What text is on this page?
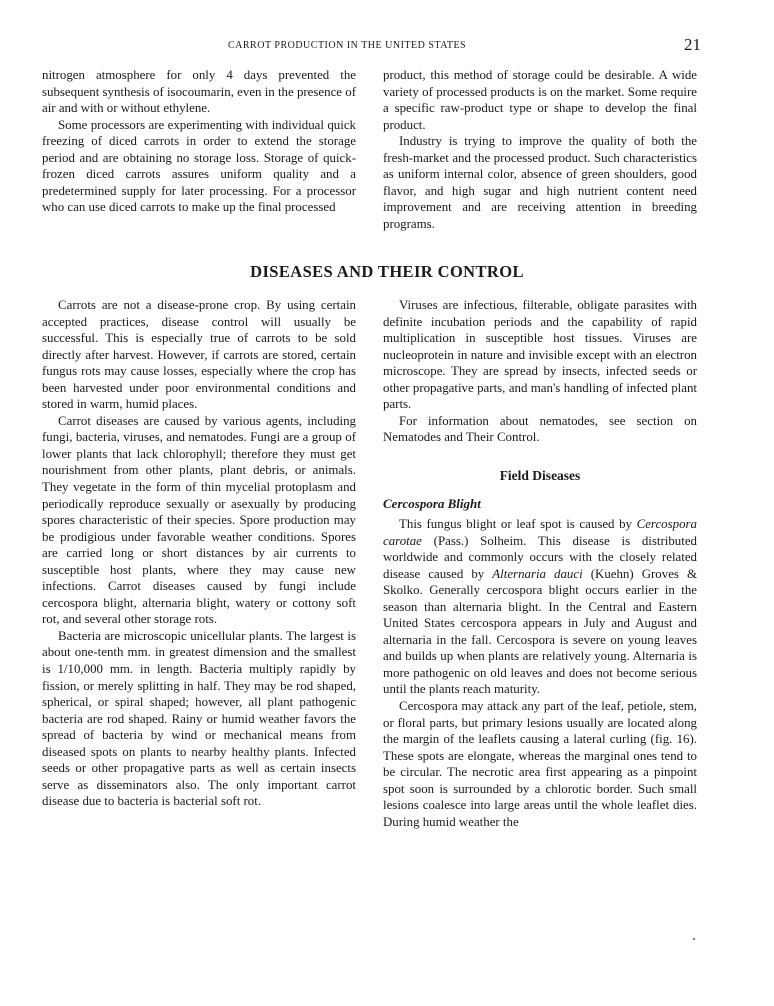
CARROT PRODUCTION IN THE UNITED STATES	21

nitrogen atmosphere for only 4 days prevented the subsequent synthesis of isocoumarin, even in the presence of air and with or without ethylene.

Some processors are experimenting with individual quick freezing of diced carrots in order to extend the storage period and are obtaining no storage loss. Storage of quick-frozen diced carrots assures uniform quality and a predetermined supply for later processing. For a processor who can use diced carrots to make up the final processed

product, this method of storage could be desirable. A wide variety of processed products is on the market. Some require a specific raw-product type or shape to develop the final product.

Industry is trying to improve the quality of both the fresh-market and the processed product. Such characteristics as uniform internal color, absence of green shoulders, good flavor, and high sugar and high nutrient content need improvement and are receiving attention in breeding programs.

DISEASES AND THEIR CONTROL

Carrots are not a disease-prone crop. By using certain accepted practices, disease control will usually be successful. This is especially true of carrots to be sold directly after harvest. However, if carrots are stored, certain fungus rots may cause losses, especially where the crop has been harvested under poor environmental conditions and stored in warm, humid places.

Carrot diseases are caused by various agents, including fungi, bacteria, viruses, and nematodes. Fungi are a group of lower plants that lack chlorophyll; therefore they must get nourishment from other plants, plant debris, or animals. They vegetate in the form of thin mycelial protoplasm and periodically reproduce sexually or asexually by producing spores characteristic of their species. Spore production may be prodigious under favorable weather conditions. Spores are carried long or short distances by air currents to susceptible host plants, where they may cause new infections. Carrot diseases caused by fungi include cercospora blight, alternaria blight, watery or cottony soft rot, and several other storage rots.

Bacteria are microscopic unicellular plants. The largest is about one-tenth mm. in greatest dimension and the smallest is 1/10,000 mm. in length. Bacteria multiply rapidly by fission, or merely splitting in half. They may be rod shaped, spherical, or spiral shaped; however, all plant pathogenic bacteria are rod shaped. Rainy or humid weather favors the spread of bacteria by wind or mechanical means from diseased spots on plants to nearby healthy plants. Infected seeds or other propagative parts as well as certain insects serve as disseminators also. The only important carrot disease due to bacteria is bacterial soft rot.

Viruses are infectious, filterable, obligate parasites with definite incubation periods and the capability of rapid multiplication in susceptible host tissues. Viruses are nucleoprotein in nature and invisible except with an electron microscope. They are spread by insects, infected seeds or other propagative parts, and man's handling of infected plant parts.

For information about nematodes, see section on Nematodes and Their Control.

Field Diseases
Cercospora Blight

This fungus blight or leaf spot is caused by Cercospora carotae (Pass.) Solheim. This disease is distributed worldwide and commonly occurs with the closely related disease caused by Alternaria dauci (Kuehn) Groves & Skolko. Generally cercospora blight occurs earlier in the season than alternaria blight. In the Central and Eastern United States cercospora appears in July and August and alternaria in the fall. Cercospora is severe on young leaves and builds up when plants are relatively young. Alternaria is more pathogenic on old leaves and does not become serious until the plants reach maturity.

Cercospora may attack any part of the leaf, petiole, stem, or floral parts, but primary lesions usually are located along the margin of the leaflets causing a lateral curling (fig. 16). These spots are elongate, whereas the marginal ones tend to be circular. The necrotic area first appearing as a pinpoint spot soon is surrounded by a chlorotic border. Such small lesions coalesce into large areas until the whole leaflet dies. During humid weather the
